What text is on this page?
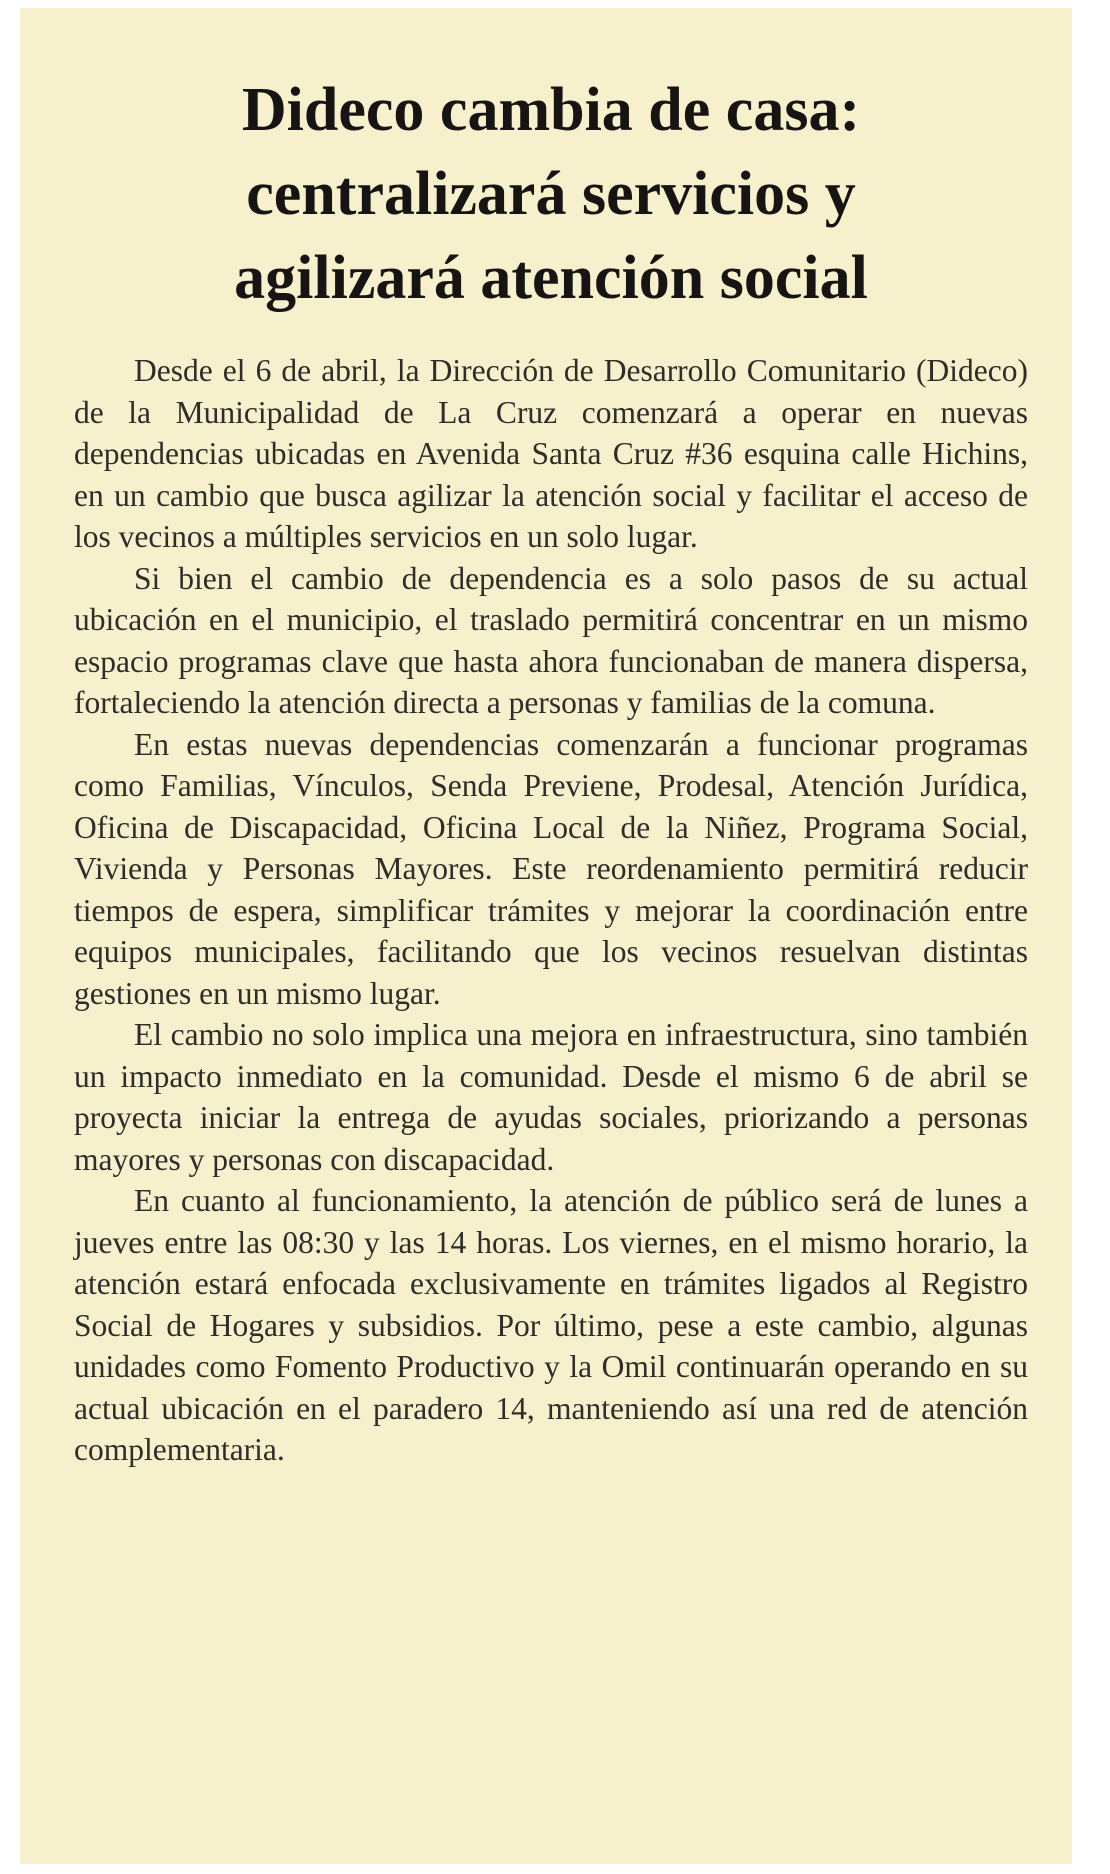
Dideco cambia de casa:
centralizará servicios y
agilizará atención social

Desde el 6 de abril, la Dirección de Desarrollo Comunitario (Dideco) de la Municipalidad de La Cruz comenzará a operar en nuevas dependencias ubicadas en Avenida Santa Cruz #36 esquina calle Hichins, en un cambio que busca agilizar la atención social y facilitar el acceso de los vecinos a múltiples servicios en un solo lugar.

Si bien el cambio de dependencia es a solo pasos de su actual ubicación en el municipio, el traslado permitirá concentrar en un mismo espacio programas clave que hasta ahora funcionaban de manera dispersa, fortaleciendo la atención directa a personas y familias de la comuna.

En estas nuevas dependencias comenzarán a funcionar programas como Familias, Vínculos, Senda Previene, Prodesal, Atención Jurídica, Oficina de Discapacidad, Oficina Local de la Niñez, Programa Social, Vivienda y Personas Mayores. Este reordenamiento permitirá reducir tiempos de espera, simplificar trámites y mejorar la coordinación entre equipos municipales, facilitando que los vecinos resuelvan distintas gestiones en un mismo lugar.

El cambio no solo implica una mejora en infraestructura, sino también un impacto inmediato en la comunidad. Desde el mismo 6 de abril se proyecta iniciar la entrega de ayudas sociales, priorizando a personas mayores y personas con discapacidad.

En cuanto al funcionamiento, la atención de público será de lunes a jueves entre las 08:30 y las 14 horas. Los viernes, en el mismo horario, la atención estará enfocada exclusivamente en trámites ligados al Registro Social de Hogares y subsidios. Por último, pese a este cambio, algunas unidades como Fomento Productivo y la Omil continuarán operando en su actual ubicación en el paradero 14, manteniendo así una red de atención complementaria.
